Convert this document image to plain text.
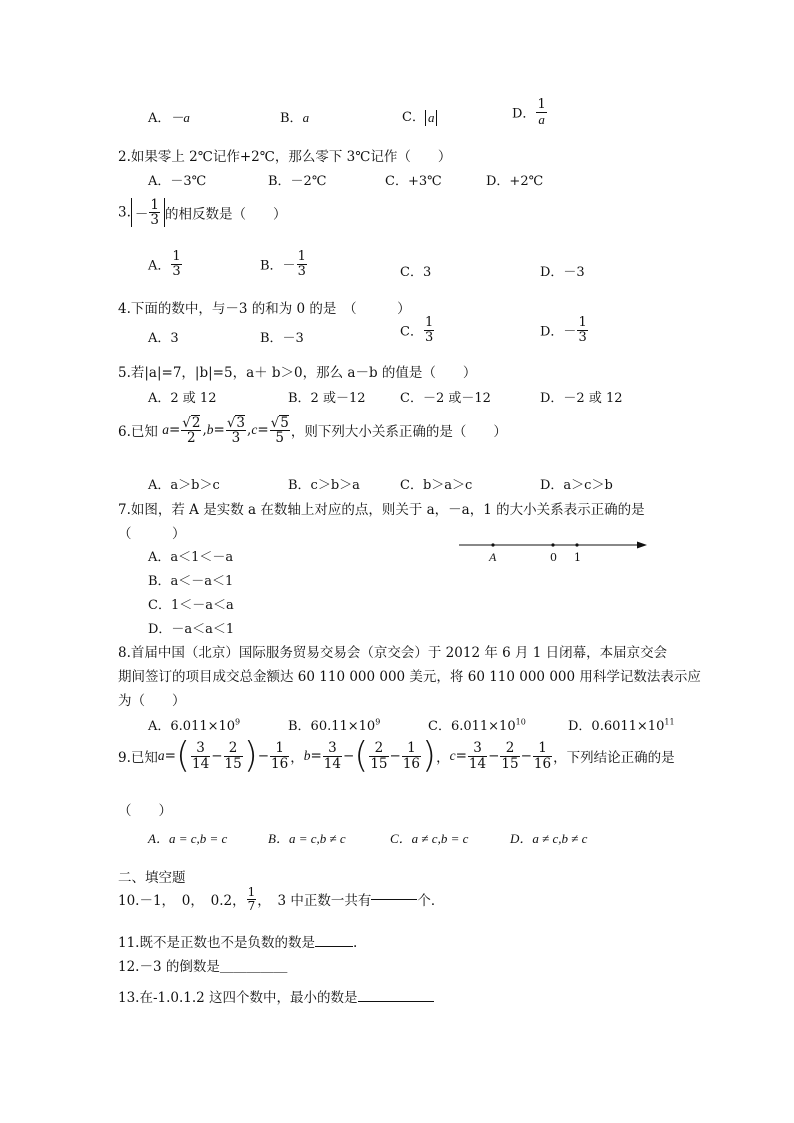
A．－a	B．a	C． a	D． $\frac{1}{a}$
2.如果零上 2℃记作+2℃，那么零下 3℃记作（　　）
A．－3℃	B．－2℃	C．+3℃	D．+2℃
3. － $\frac{1}{3}$ 的相反数是（　　）
A． $\frac{1}{3}$	B．－ $\frac{1}{3}$	C．3	D．－3
4.下面的数中，与－3 的和为 0 的是　（　　　）
A．3	B．－3	C． $\frac{1}{3}$	D．－ $\frac{1}{3}$
5.若|a|=7，|b|=5，a＋ b＞0，那么 a－b 的值是（　　）
A．2 或 12	B．2 或－12	C．－2 或－12	D．－2 或 12
6.已知 $a= \frac{√2}{2} ,b= \frac{√3}{3} ,c= \frac{√5}{5}$ ，则下列大小关系正确的是（　　）
A．a＞b＞c	B．c＞b＞a	C．b＞a＞c	D．a＞c＞b
7.如图，若 A 是实数 a 在数轴上对应的点，则关于 a，－a，1 的大小关系表示正确的是
（　　　）
A．a＜1＜－a
B．a＜－a＜1
C．1＜－a＜a
D．－a＜a＜1
A	0 1
8.首届中国（北京）国际服务贸易交易会（京交会）于 2012 年 6 月 1 日闭幕，本届京交会
期间签订的项目成交总金额达 60 110 000 000 美元，将 60 110 000 000 用科学记数法表示应
为（　　）
A．$6.011\times 10^9$	B．$60.11\times 10^9$	C．$6.011\times 10^{10}$	D．$0.6011\times 10^{11}$
9.已知$a=( \frac{3}{14} - \frac{2}{15}$ )− $\frac{1}{16}$ ，$b= \frac{3}{14}$ −( $\frac{2}{15} - \frac{1}{16}$ )，$c= \frac{3}{14} - \frac{2}{15} - \frac{1}{16}$ ，下列结论正确的是
（　　）
A．a = c,b = c	B．a = c,b ≠ c	C．a ≠ c,b = c	D．a ≠ c,b ≠ c
二、填空题
10.－1，　0，　0.2， $\frac{1}{7}$ ，　3 中正数一共有	个．
11.既不是正数也不是负数的数是	.
12.－3 的倒数是＿＿＿＿＿
13.在-1.0.1.2 这四个数中，最小的数是
